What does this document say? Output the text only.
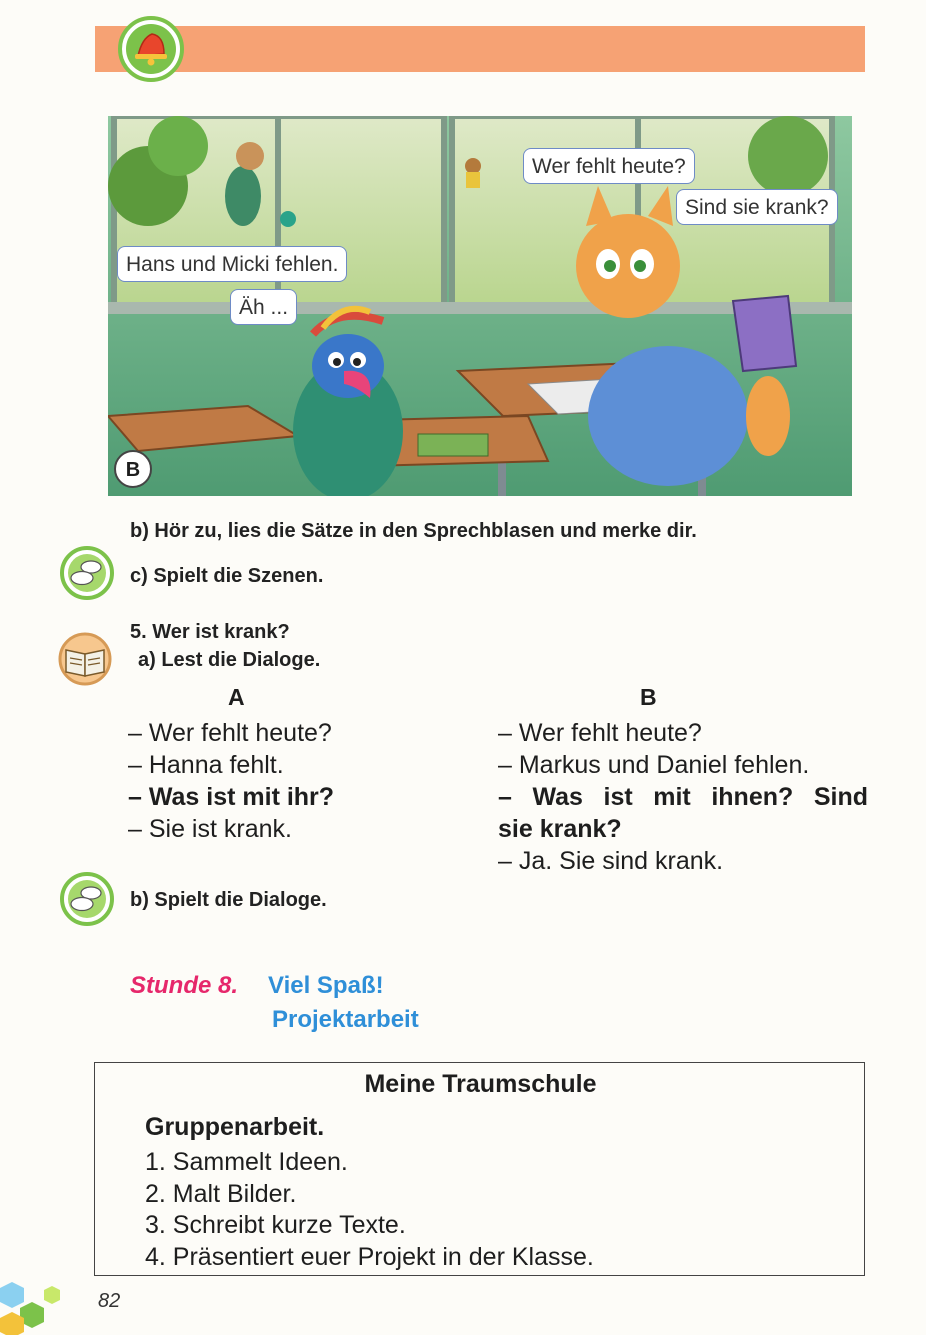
Wer fehlt heute?
Sind sie krank?
Hans und Micki fehlen.
Äh ...
B
b) Hör zu, lies die Sätze in den Sprechblasen und merke dir.
c) Spielt die Szenen.
5. Wer ist krank?
a) Lest die Dialoge.
A	B

– Wer fehlt heute?

– Hanna fehlt.

– Was ist mit ihr?

– Sie ist krank.

– Wer fehlt heute?

– Markus und Daniel fehlen.

– Was ist mit ihnen? Sind

sie krank?

– Ja. Sie sind krank.

b) Spielt die Dialoge.
Stunde 8. Viel Spaß!
Projektarbeit
Meine Traumschule
Gruppenarbeit.
1. Sammelt Ideen.
2. Malt Bilder.
3. Schreibt kurze Texte.
4. Präsentiert euer Projekt in der Klasse.
82
